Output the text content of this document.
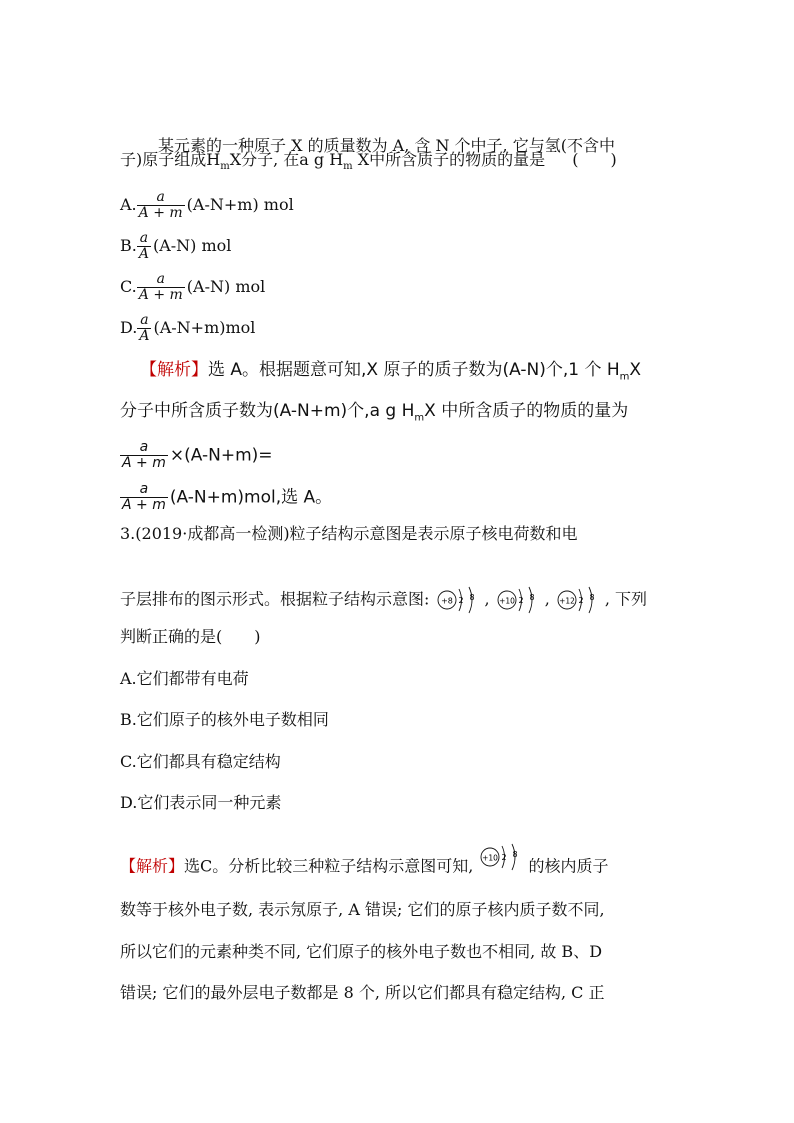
某元素的一种原子 X 的质量数为 A, 含 N 个中子, 它与氢(不含中
子)原子组成$H_mX$分子, 在a g $H_m$ X中所含质子的物质的量是 (　　)
A. $\frac{a}{A + m} (A-N+m)$ mol
B. $\frac{a}{A} (A-N)$ mol
C. $\frac{a}{A + m} (A-N)$ mol
D. $\frac{a}{A} (A-N+m)mol$
【解析】选 A。根据题意可知,X 原子的质子数为(A-N)个,1 个 $H_mX$
分子中所含质子数为(A-N+m)个,a g $H_mX$ 中所含质子的物质的量为
$\frac{a}{A + m} \times(A-N+m)=$
$\frac{a}{A + m} (A-N+m)mol$,选 A。
3.(2019·成都高一检测)粒子结构示意图是表示原子核电荷数和电
子层排布的图示形式。根据粒子结构示意图: +8 2 8 , +10 2 8 , +12 2 8 , 下列
判断正确的是(　　)
A.它们都带有电荷
B.它们原子的核外电子数相同
C.它们都具有稳定结构
D.它们表示同一种元素
【解析】选C。分析比较三种粒子结构示意图可知, +10 2 8
的核内质子
数等于核外电子数, 表示氖原子, A 错误; 它们的原子核内质子数不同,
所以它们的元素种类不同, 它们原子的核外电子数也不相同, 故 B、D
错误; 它们的最外层电子数都是 8 个, 所以它们都具有稳定结构, C 正
